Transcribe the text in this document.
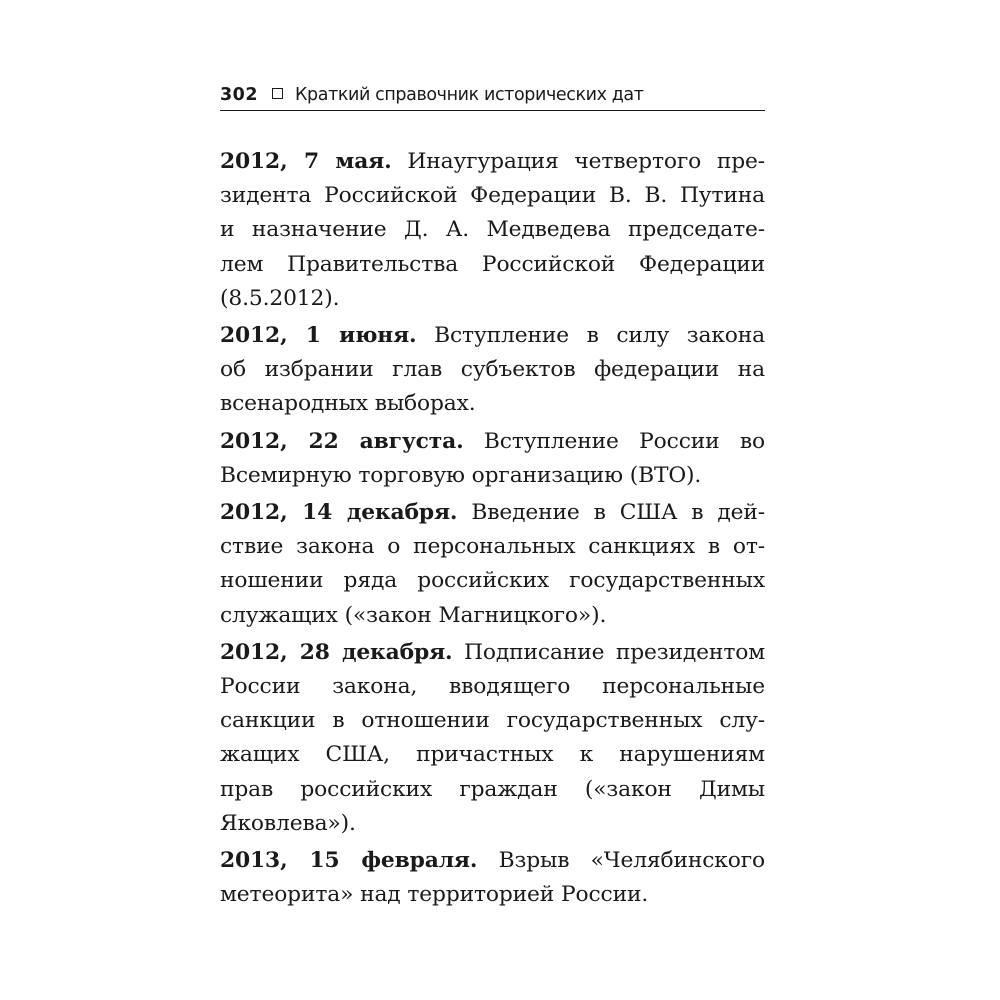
302 Краткий справочник исторических дат
2012, 7 мая. Инаугурация четвертого пре-
зидента Российской Федерации В. В. Путина
и назначение Д. А. Медведева председате-
лем Правительства Российской Федерации
(8.5.2012).
2012, 1 июня. Вступление в силу закона
об избрании глав субъектов федерации на
всенародных выборах.
2012, 22 августа. Вступление России во
Всемирную торговую организацию (ВТО).
2012, 14 декабря. Введение в США в дей-
ствие закона о персональных санкциях в от-
ношении ряда российских государственных
служащих («закон Магницкого»).
2012, 28 декабря. Подписание президентом
России закона, вводящего персональные
санкции в отношении государственных слу-
жащих США, причастных к нарушениям
прав российских граждан («закон Димы
Яковлева»).
2013, 15 февраля. Взрыв «Челябинского
метеорита» над территорией России.
